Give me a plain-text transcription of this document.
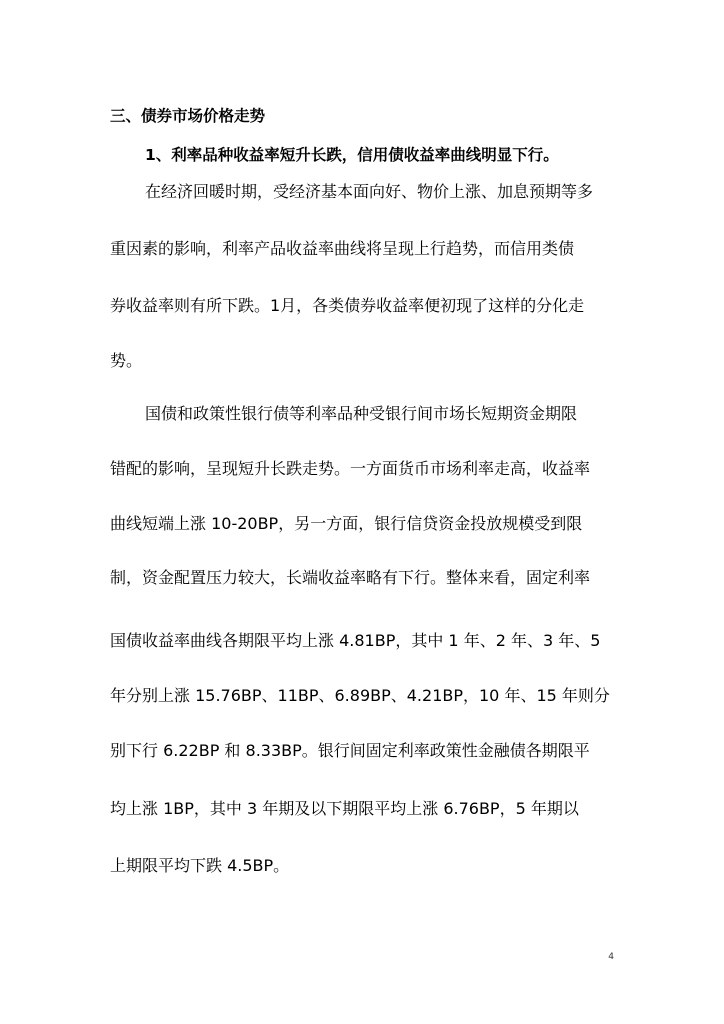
三、债券市场价格走势
1、利率品种收益率短升长跌，信用债收益率曲线明显下行。
在经济回暖时期，受经济基本面向好、物价上涨、加息预期等多
重因素的影响，利率产品收益率曲线将呈现上行趋势，而信用类债
券收益率则有所下跌。1月，各类债券收益率便初现了这样的分化走
势。
国债和政策性银行债等利率品种受银行间市场长短期资金期限
错配的影响，呈现短升长跌走势。一方面货币市场利率走高，收益率
曲线短端上涨 10-20BP，另一方面，银行信贷资金投放规模受到限
制，资金配置压力较大，长端收益率略有下行。整体来看，固定利率
国债收益率曲线各期限平均上涨 4.81BP，其中 1 年、2 年、3 年、5
年分别上涨 15.76BP、11BP、6.89BP、4.21BP，10 年、15 年则分
别下行 6.22BP 和 8.33BP。银行间固定利率政策性金融债各期限平
均上涨 1BP，其中 3 年期及以下期限平均上涨 6.76BP，5 年期以
上期限平均下跌 4.5BP。
4
